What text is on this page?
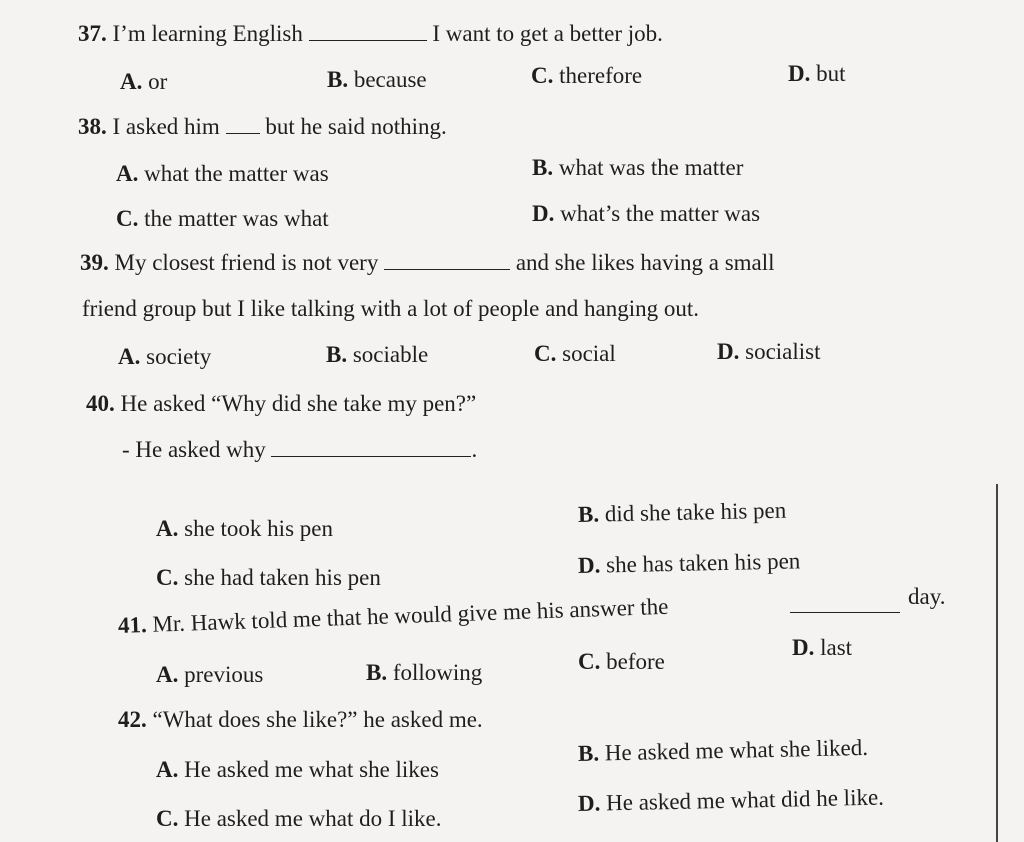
37. I’m learning English	I want to get a better job.
A. or	B. because	C. therefore	D. but
38. I asked him but he said nothing.
A. what the matter was	B. what was the matter
C. the matter was what	D. what’s the matter was
39. My closest friend is not very	and she likes having a small
friend group but I like talking with a lot of people and hanging out.
A. society	B. sociable	C. social	D. socialist
40. He asked “Why did she take my pen?”
- He asked why	.
A. she took his pen
B. did she take his pen
C. she had taken his pen	D. she has taken his pen
41. Mr. Hawk told me that he would give me his answer the	day.
A. previous	B. following	C. before
D. last
42. “What does she like?” he asked me.
A. He asked me what she likes
B. He asked me what she liked.
C. He asked me what do I like.
D. He asked me what did he like.
